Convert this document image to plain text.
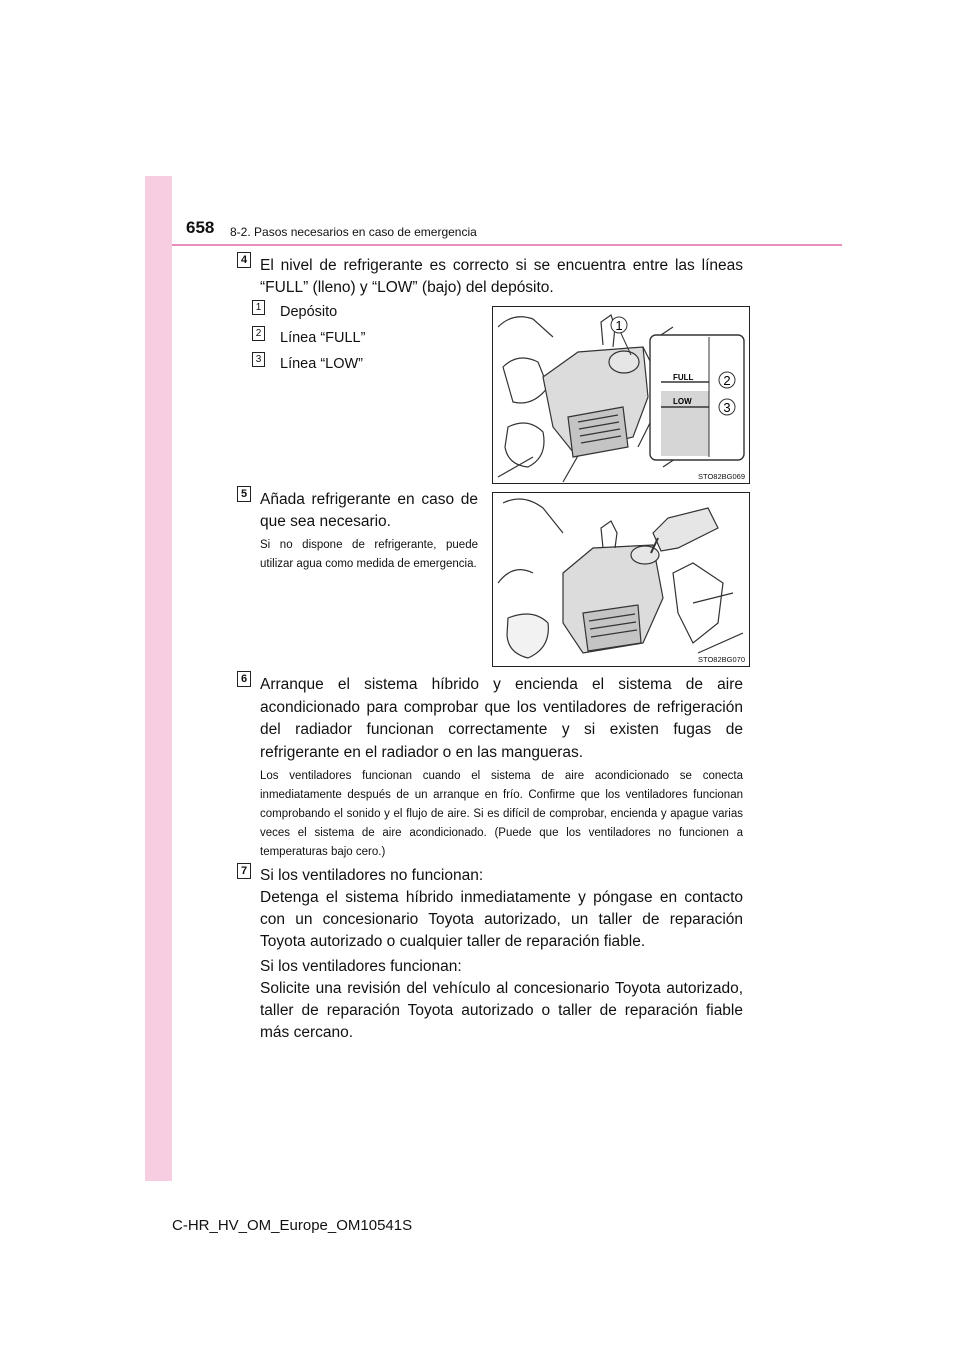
658 8-2. Pasos necesarios en caso de emergencia
4 El nivel de refrigerante es correcto si se encuentra entre las líneas “FULL” (lleno) y “LOW” (bajo) del depósito.

1 Depósito
2 Línea “FULL”
3 Línea “LOW”
1
FULL
LOW
2
3
STO82BG069
5 Añada refrigerante en caso de que sea necesario.

Si no dispone de refrigerante, puede utilizar agua como medida de emergencia.

STO82BG070
6 Arranque el sistema híbrido y encienda el sistema de aire acondicionado para comprobar que los ventiladores de refrigeración del radiador funcionan correctamente y si existen fugas de refrigerante en el radiador o en las mangueras.

Los ventiladores funcionan cuando el sistema de aire acondicionado se conecta inmediatamente después de un arranque en frío. Confirme que los ventiladores funcionan comprobando el sonido y el flujo de aire. Si es difícil de comprobar, encienda y apague varias veces el sistema de aire acondicionado. (Puede que los ventiladores no funcionen a temperaturas bajo cero.)

7 Si los ventiladores no funcionan:
Detenga el sistema híbrido inmediatamente y póngase en contacto con un concesionario Toyota autorizado, un taller de reparación Toyota autorizado o cualquier taller de reparación fiable.

Si los ventiladores funcionan:
Solicite una revisión del vehículo al concesionario Toyota autorizado, taller de reparación Toyota autorizado o taller de reparación fiable más cercano.

C-HR_HV_OM_Europe_OM10541S
